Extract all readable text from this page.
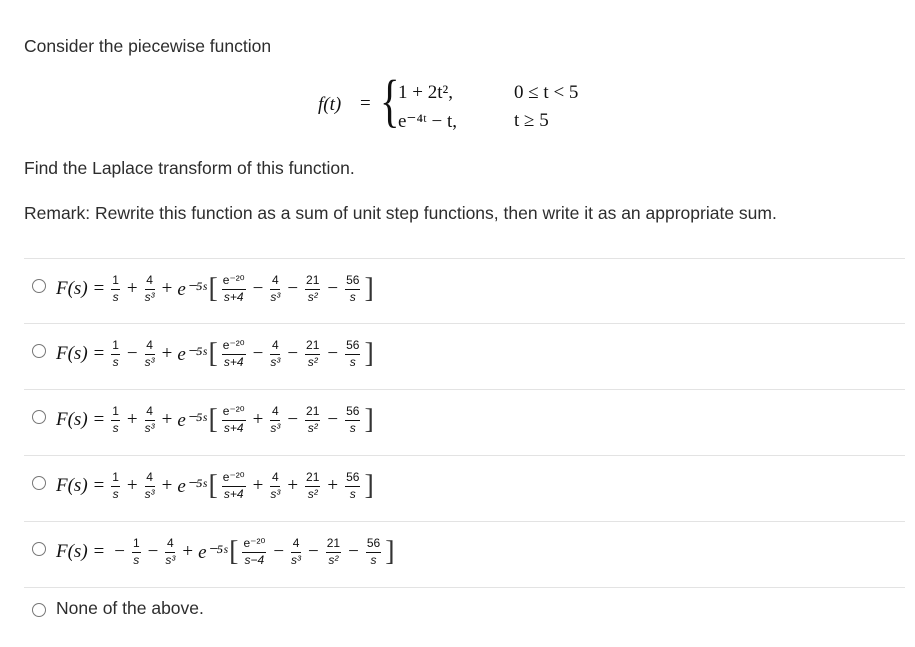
Consider the piecewise function
f(t) = {
1 + 2t²,	0 ≤ t < 5
e⁻⁴ᵗ − t,	t ≥ 5
Find the Laplace transform of this function.
Remark: Rewrite this function as a sum of unit step functions, then write it as an appropriate sum.
$F(s) = \frac{1}{s} + \frac{4}{\text{s³}}$ + e⁻⁵ˢ [ $\frac{\text{e⁻²⁰}}{s+4} - \frac{4}{\text{s³}} - \frac{21}{\text{s²}} - \frac{56}{s}$ ]
$F(s) = \frac{1}{s} - \frac{4}{\text{s³}}$ + e⁻⁵ˢ [ $\frac{\text{e⁻²⁰}}{s+4} - \frac{4}{\text{s³}} - \frac{21}{\text{s²}} - \frac{56}{s}$ ]
$F(s) = \frac{1}{s} + \frac{4}{\text{s³}}$ + e⁻⁵ˢ [ $\frac{\text{e⁻²⁰}}{s+4} + \frac{4}{\text{s³}} - \frac{21}{\text{s²}} - \frac{56}{s}$ ]
$F(s) = \frac{1}{s} + \frac{4}{\text{s³}}$ + e⁻⁵ˢ [ $\frac{\text{e⁻²⁰}}{s+4} + \frac{4}{\text{s³}} + \frac{21}{\text{s²}} + \frac{56}{s}$ ]
F(s) = − $\frac{1}{s} - \frac{4}{\text{s³}}$ + e⁻⁵ˢ [ $\frac{\text{e⁻²⁰}}{s-4} - \frac{4}{\text{s³}} - \frac{21}{\text{s²}} - \frac{56}{s}$ ]
None of the above.
